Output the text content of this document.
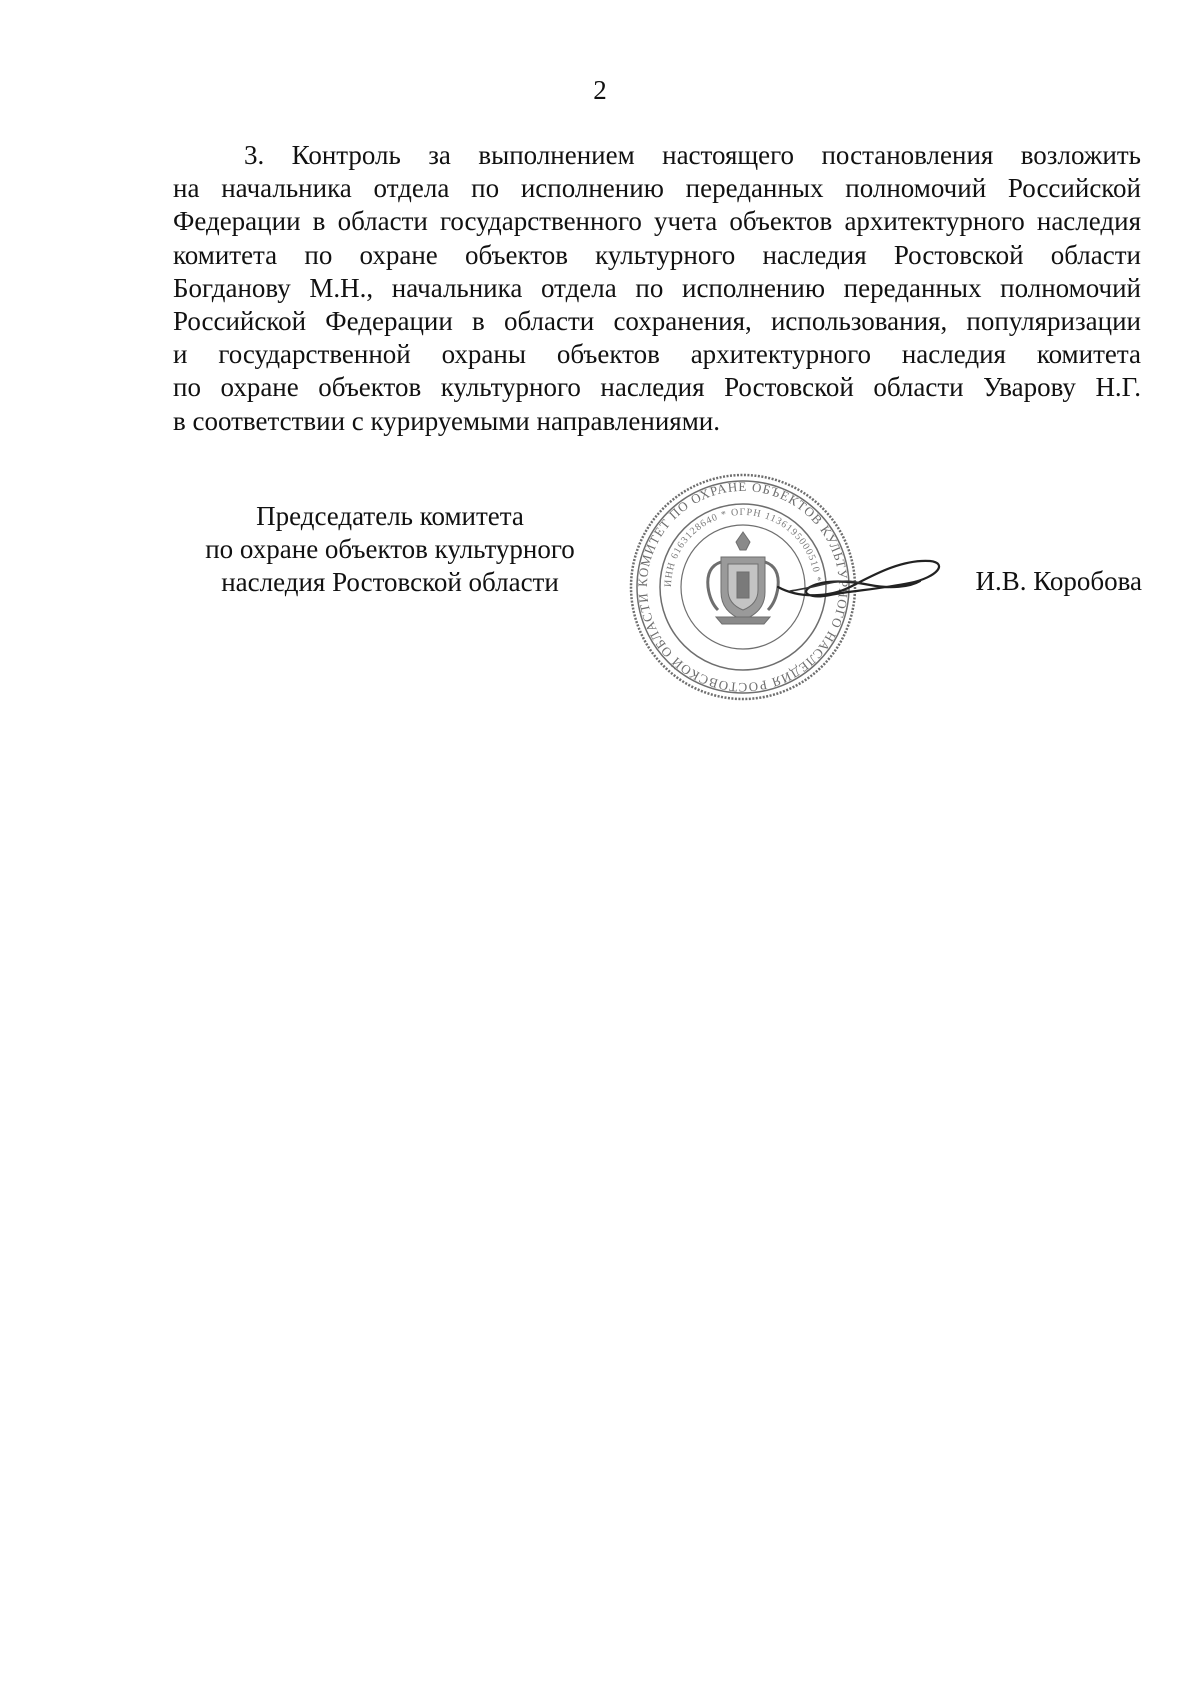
2
3. Контроль за выполнением настоящего постановления возложить
на начальника отдела по исполнению переданных полномочий Российской
Федерации в области государственного учета объектов архитектурного наследия
комитета по охране объектов культурного наследия Ростовской области
Богданову М.Н., начальника отдела по исполнению переданных полномочий
Российской Федерации в области сохранения, использования, популяризации
и государственной охраны объектов архитектурного наследия комитета
по охране объектов культурного наследия Ростовской области Уварову Н.Г.
в соответствии с курируемыми направлениями.
Председатель комитета
по охране объектов культурного
наследия Ростовской области	КОМИТЕТ ПО ОХРАНЕ ОБЪЕКТОВ КУЛЬТУРНОГО НАСЛЕДИЯ РОСТОВСКОЙ ОБЛАСТИ
ИНН 6163128640 * ОГРН 1136195000510 *	И.В. Коробова
